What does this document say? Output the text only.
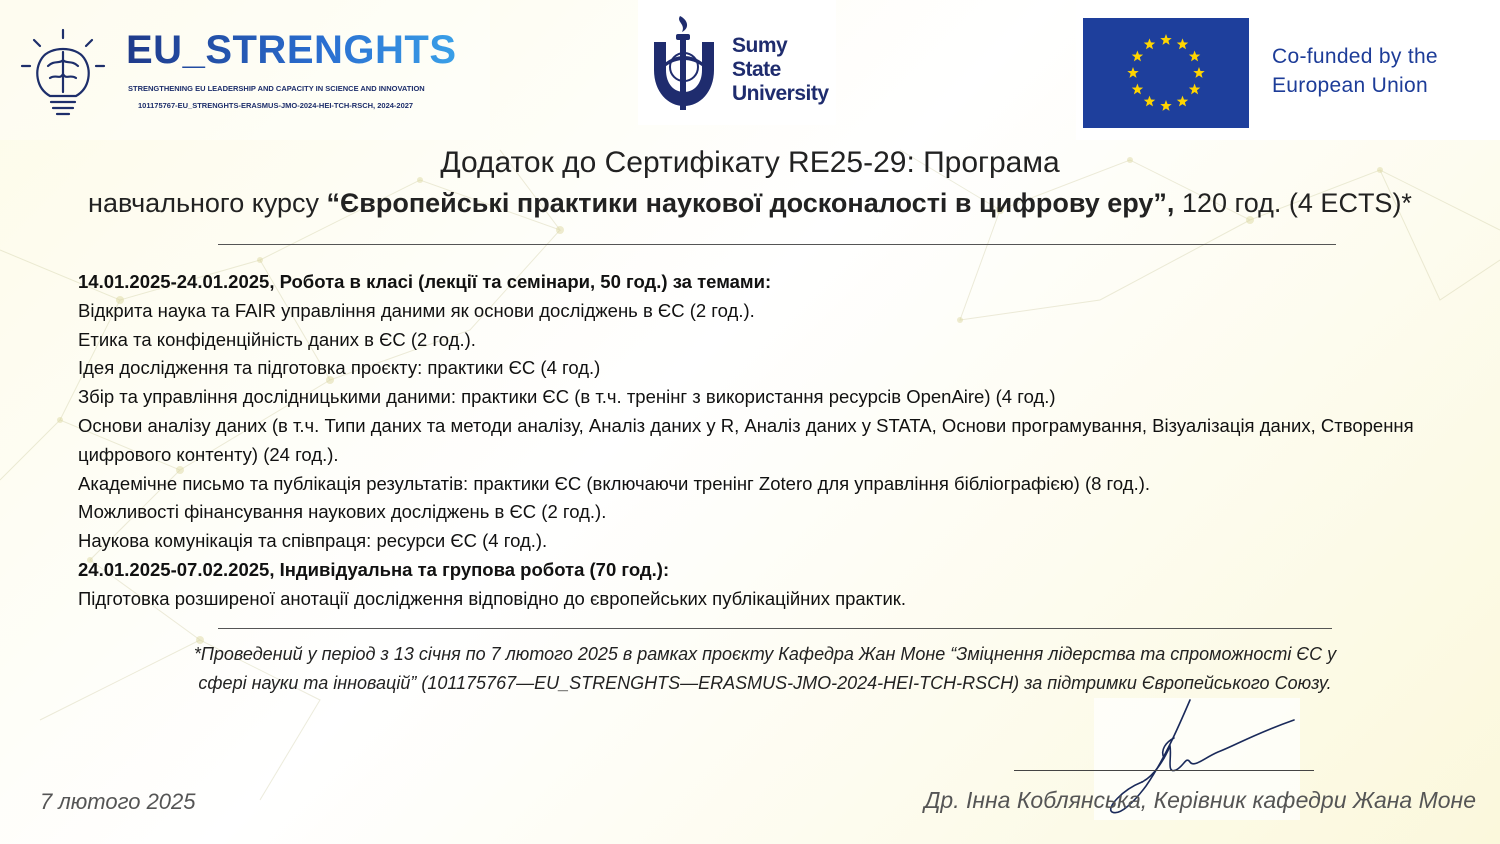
EU_STRENGHTS
STRENGTHENING EU LEADERSHIP AND CAPACITY IN SCIENCE AND INNOVATION
101175767-EU_STRENGHTS-ERASMUS-JMO-2024-HEI-TCH-RSCH, 2024-2027
Sumy
State
University
Co-funded by the
European Union
Додаток до Сертифікату RE25-29: Програма
навчального курсу “Європейські практики наукової досконалості в цифрову еру”, 120 год. (4 ECTS)*
14.01.2025-24.01.2025, Робота в класі (лекції та семінари, 50 год.) за темами:
Відкрита наука та FAIR управління даними як основи досліджень в ЄС (2 год.).
Етика та конфіденційність даних в ЄС (2 год.).
Ідея дослідження та підготовка проєкту: практики ЄС (4 год.)
Збір та управління дослідницькими даними: практики ЄС (в т.ч. тренінг з використання ресурсів OpenAire) (4 год.)
Основи аналізу даних (в т.ч. Типи даних та методи аналізу, Аналіз даних у R, Аналіз даних у STATA, Основи програмування, Візуалізація даних, Створення цифрового контенту) (24 год.).
Академічне письмо та публікація результатів: практики ЄС (включаючи тренінг Zotero для управління бібліографією) (8 год.).
Можливості фінансування наукових досліджень в ЄС (2 год.).
Наукова комунікація та співпраця: ресурси ЄС (4 год.).
24.01.2025-07.02.2025, Індивідуальна та групова робота (70 год.):
Підготовка розширеної анотації дослідження відповідно до європейських публікаційних практик.
*Проведений у період з 13 січня по 7 лютого 2025 в рамках проєкту Кафедра Жан Моне “Зміцнення лідерства та спроможності ЄС у
сфері науки та інновацій” (101175767—EU_STRENGHTS—ERASMUS-JMO-2024-HEI-TCH-RSCH) за підтримки Європейського Союзу.
7 лютого 2025	Др. Інна Коблянська, Керівник кафедри Жана Моне
